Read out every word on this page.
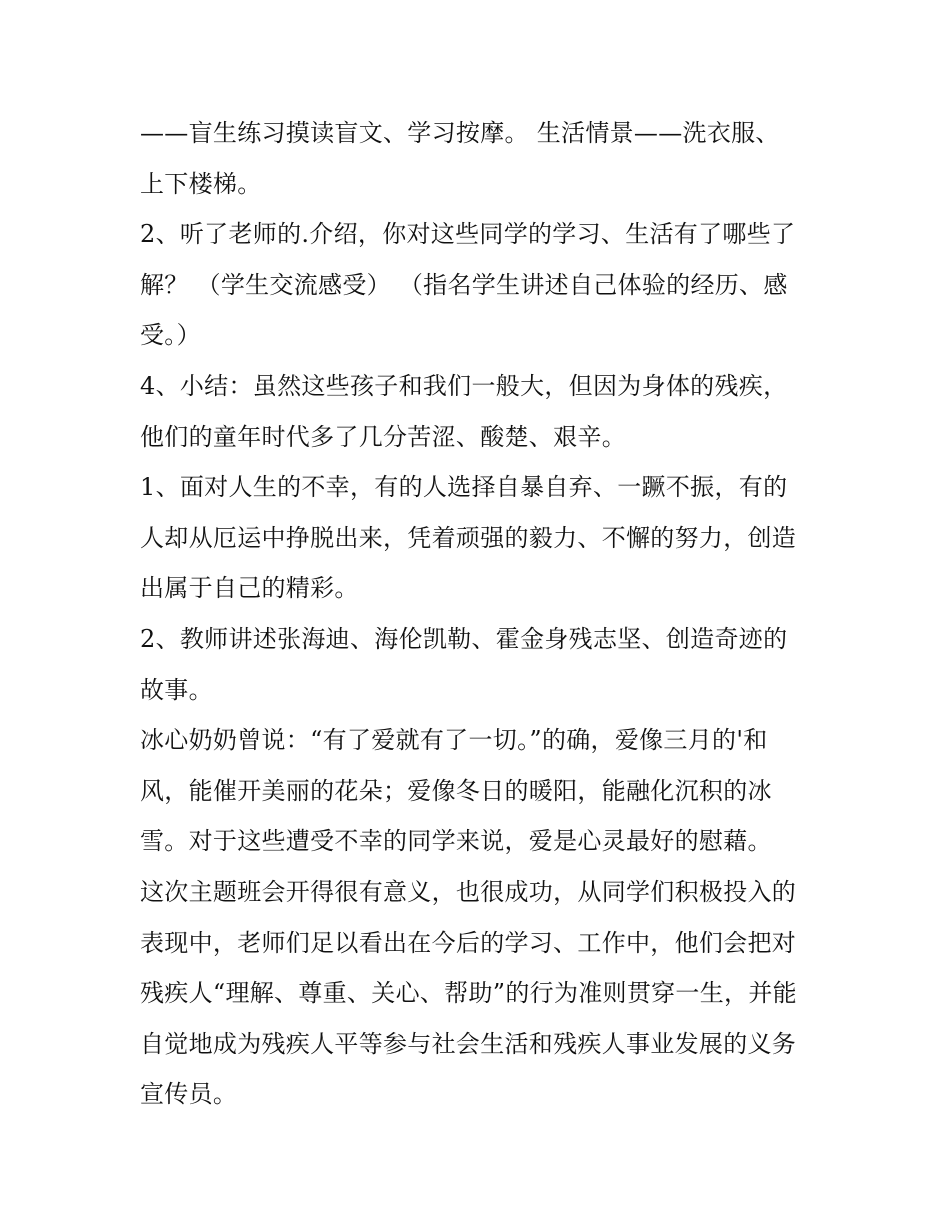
——盲生练习摸读盲文、学习按摩。 生活情景——洗衣服、
上下楼梯。

2、听了老师的.介绍，你对这些同学的学习、生活有了哪些了
解？ （学生交流感受） （指名学生讲述自己体验的经历、感
受。）

4、小结：虽然这些孩子和我们一般大，但因为身体的残疾，
他们的童年时代多了几分苦涩、酸楚、艰辛。

1、面对人生的不幸，有的人选择自暴自弃、一蹶不振，有的
人却从厄运中挣脱出来，凭着顽强的毅力、不懈的努力，创造
出属于自己的精彩。

2、教师讲述张海迪、海伦凯勒、霍金身残志坚、创造奇迹的
故事。

冰心奶奶曾说：“有了爱就有了一切。”的确，爱像三月的'和
风，能催开美丽的花朵；爱像冬日的暖阳，能融化沉积的冰
雪。对于这些遭受不幸的同学来说，爱是心灵最好的慰藉。

这次主题班会开得很有意义，也很成功，从同学们积极投入的
表现中，老师们足以看出在今后的学习、工作中，他们会把对
残疾人“理解、尊重、关心、帮助”的行为准则贯穿一生，并能
自觉地成为残疾人平等参与社会生活和残疾人事业发展的义务
宣传员。
